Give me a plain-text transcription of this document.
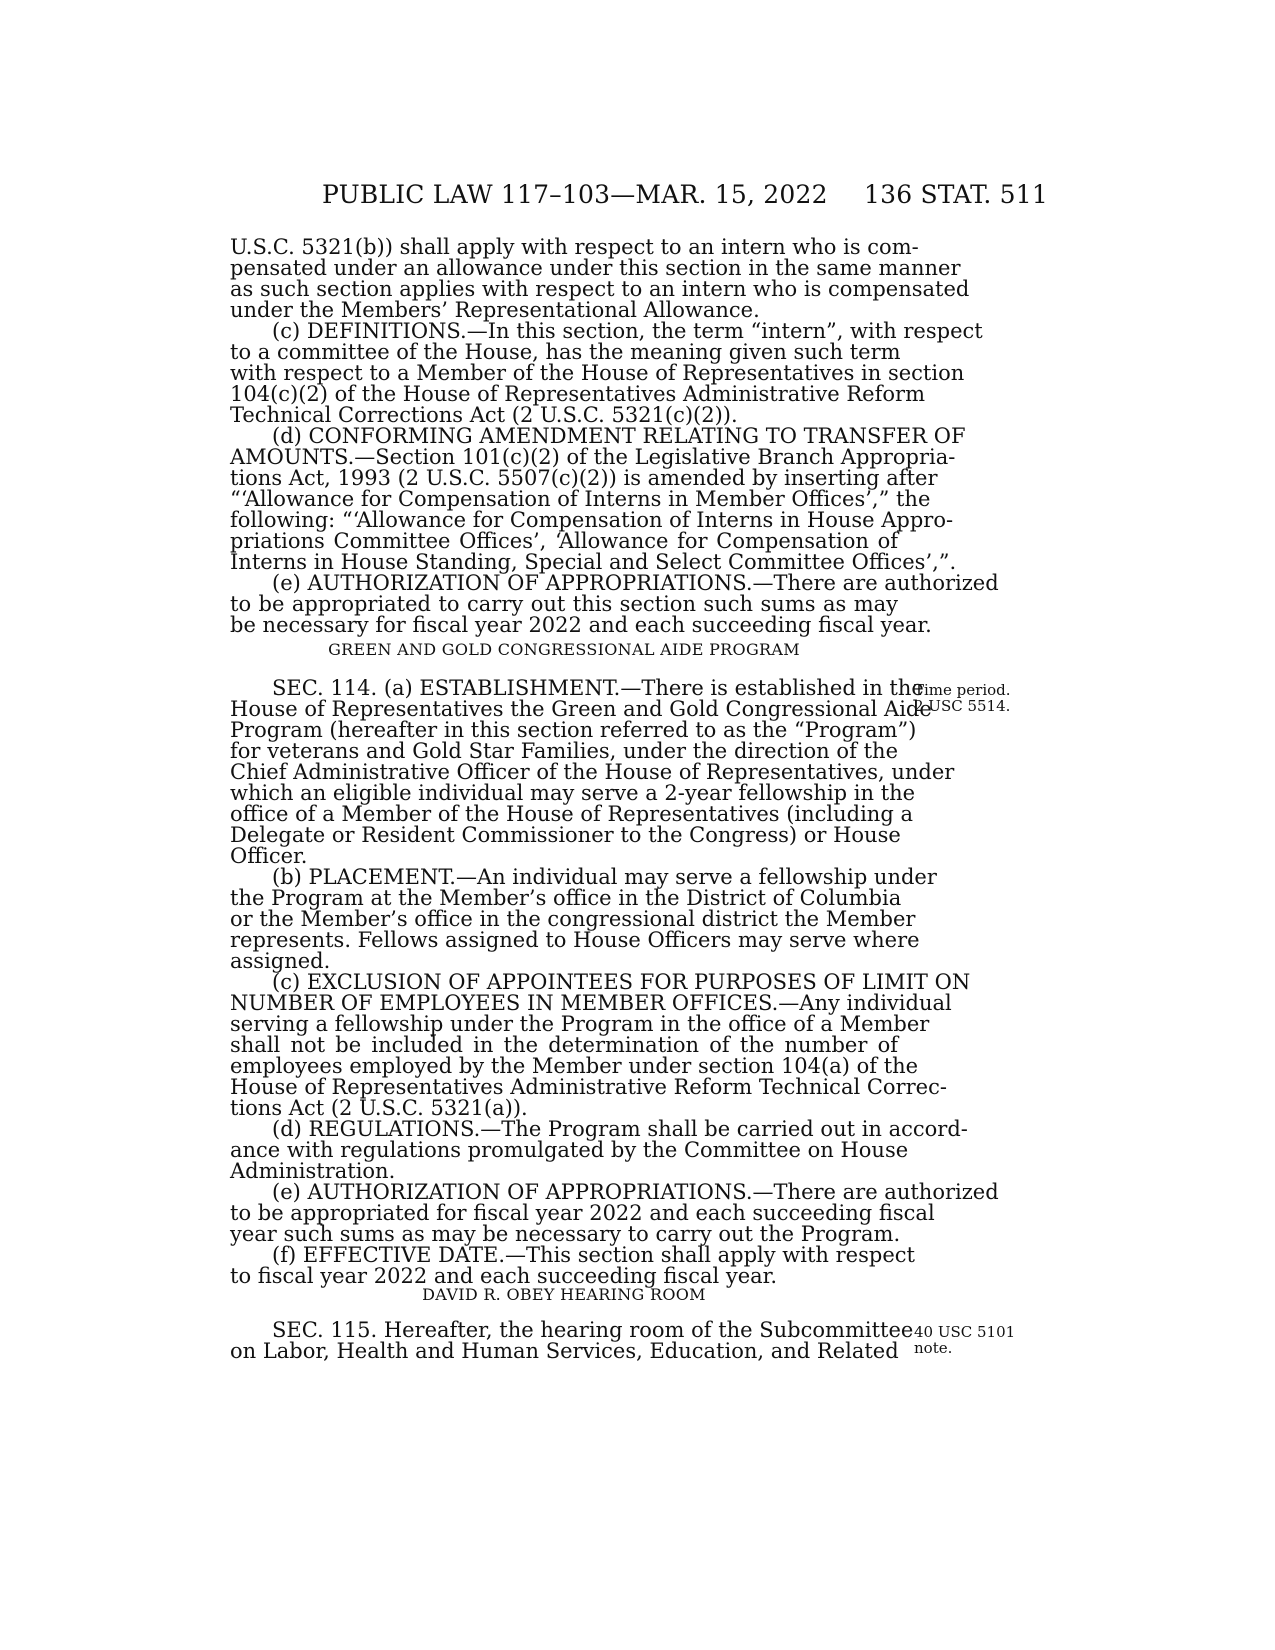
PUBLIC LAW 117–103—MAR. 15, 2022 136 STAT. 511
U.S.C. 5321(b)) shall apply with respect to an intern who is com-
pensated under an allowance under this section in the same manner
as such section applies with respect to an intern who is compensated
under the Members’ Representational Allowance.
(c) DEFINITIONS.—In this section, the term “intern”, with respect
to a committee of the House, has the meaning given such term
with respect to a Member of the House of Representatives in section
104(c)(2) of the House of Representatives Administrative Reform
Technical Corrections Act (2 U.S.C. 5321(c)(2)).
(d) CONFORMING AMENDMENT RELATING TO TRANSFER OF
AMOUNTS.—Section 101(c)(2) of the Legislative Branch Appropria-
tions Act, 1993 (2 U.S.C. 5507(c)(2)) is amended by inserting after
“‘Allowance for Compensation of Interns in Member Offices’,” the
following: “‘Allowance for Compensation of Interns in House Appro-
priations Committee Offices’, ‘Allowance for Compensation of
Interns in House Standing, Special and Select Committee Offices’,”.
(e) AUTHORIZATION OF APPROPRIATIONS.—There are authorized
to be appropriated to carry out this section such sums as may
be necessary for fiscal year 2022 and each succeeding fiscal year.
GREEN AND GOLD CONGRESSIONAL AIDE PROGRAM
SEC. 114. (a) ESTABLISHMENT.—There is established in the
House of Representatives the Green and Gold Congressional Aide
Program (hereafter in this section referred to as the “Program”)
for veterans and Gold Star Families, under the direction of the
Chief Administrative Officer of the House of Representatives, under
which an eligible individual may serve a 2-year fellowship in the
office of a Member of the House of Representatives (including a
Delegate or Resident Commissioner to the Congress) or House
Officer.
(b) PLACEMENT.—An individual may serve a fellowship under
the Program at the Member’s office in the District of Columbia
or the Member’s office in the congressional district the Member
represents. Fellows assigned to House Officers may serve where
assigned.
(c) EXCLUSION OF APPOINTEES FOR PURPOSES OF LIMIT ON
NUMBER OF EMPLOYEES IN MEMBER OFFICES.—Any individual
serving a fellowship under the Program in the office of a Member
shall not be included in the determination of the number of
employees employed by the Member under section 104(a) of the
House of Representatives Administrative Reform Technical Correc-
tions Act (2 U.S.C. 5321(a)).
(d) REGULATIONS.—The Program shall be carried out in accord-
ance with regulations promulgated by the Committee on House
Administration.
(e) AUTHORIZATION OF APPROPRIATIONS.—There are authorized
to be appropriated for fiscal year 2022 and each succeeding fiscal
year such sums as may be necessary to carry out the Program.
(f) EFFECTIVE DATE.—This section shall apply with respect
to fiscal year 2022 and each succeeding fiscal year.
Time period.
2 USC 5514.
DAVID R. OBEY HEARING ROOM
SEC. 115. Hereafter, the hearing room of the Subcommittee
on Labor, Health and Human Services, Education, and Related
40 USC 5101
note.
